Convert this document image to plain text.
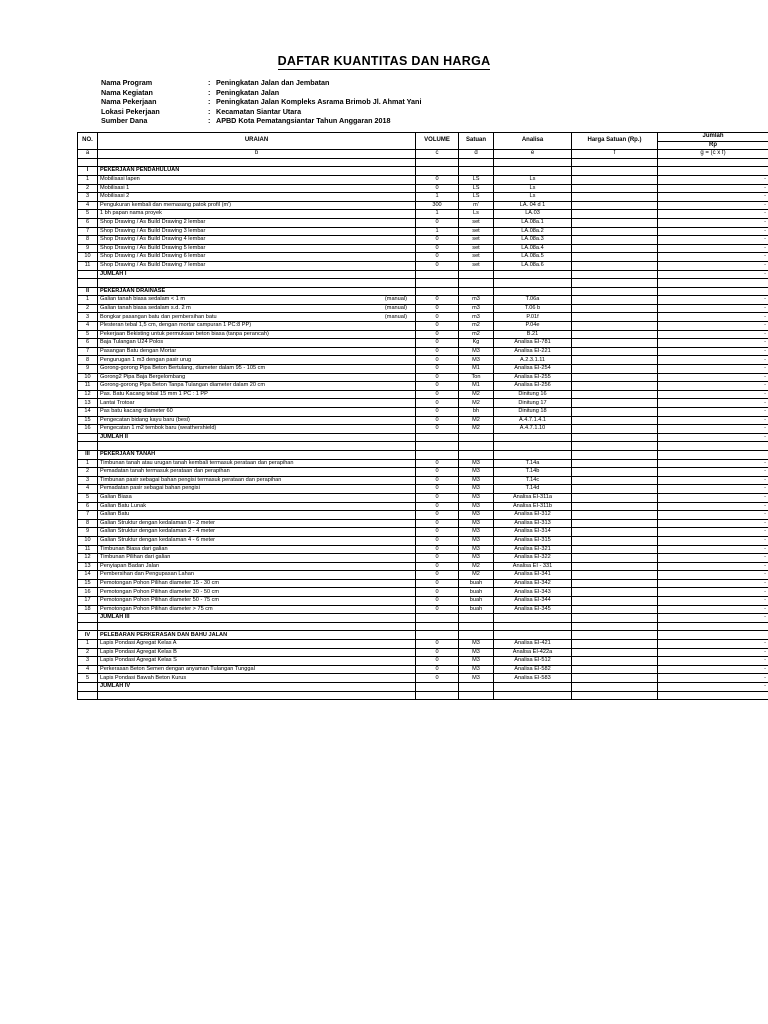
DAFTAR KUANTITAS DAN HARGA
Nama Program	: Peningkatan Jalan dan Jembatan
Nama Kegiatan	: Peningkatan Jalan
Nama Pekerjaan	: Peningkatan Jalan Kompleks Asrama Brimob Jl. Ahmat Yani
Lokasi Pekerjaan	: Kecamatan Siantar Utara
Sumber Dana	: APBD Kota Pematangsiantar Tahun Anggaran 2018
NO.	URAIAN	VOLUME	Satuan	Analisa	Harga Satuan (Rp.)	Jumlah
						Rp
a	b	c	d	e	f	g = (c x f)

I	PEKERJAAN PENDAHULUAN					
1	Mobilisasi lapen	0	LS	Ls		-
2	Mobilisasi 1	0	LS	Ls		-
3	Mobilisasi 2	1	LS	Ls		-
4	Pengukuran kembali dan memasang patok profil (m')	300	m'	LA. 04 d 1		-
5	1 bh papan nama proyek	1	Ls	LA.03		-
6	Shop Drawing / As Build Drawing 2 lembar	0	set	LA.08a.1		-
7	Shop Drawing / As Build Drawing 3 lembar	1	set	LA.08a.2		-
8	Shop Drawing / As Build Drawing 4 lembar	0	set	LA.08a.3		-
9	Shop Drawing / As Build Drawing 5 lembar	0	set	LA.08a.4		-
10	Shop Drawing / As Build Drawing 6 lembar	0	set	LA.08a.5		-
11	Shop Drawing / As Build Drawing 7 lembar	0	set	LA.08a.6		-
	JUMLAH I					-

II	PEKERJAAN DRAINASE					
1	Galian tanah biasa sedalam < 1 m (manual)	0	m3	T.06a		-
2	Galian tanah biasa sedalam s.d. 2 m (manual)	0	m3	T.06 b		-
3	Bongkar pasangan batu dan pembersihan batu (manual)	0	m3	P.01f		-
4	Plesteran tebal 1,5 cm, dengan mortar campuran 1 PC:8 PP)	0	m2	P.04e		-
5	Pekerjaan Bekisting untuk permukaan beton biasa (tanpa perancah)	0	m2	B.21		-
6	Baja Tulangan U24 Polos	0	Kg	Analisa EI-781		-
7	Pasangan Batu dengan Mortar	0	M3	Analisa EI-221		-
8	Pengurugan 1 m3 dengan pasir urug	0	M3	A.2.3.1.11		-
9	Gorong-gorong Pipa Beton Bertulang, diameter dalam 95 - 105 cm	0	M1	Analisa EI-254		-
10	Gorong2 Pipa Baja Bergelombang	0	Ton	Analisa EI-255		-
11	Gorong-gorong Pipa Beton Tanpa Tulangan diameter dalam 20 cm	0	M1	Analisa EI-256		-
12	Pas. Batu Kacang tebal 15 mm 1 PC : 1 PP	0	M2	Dinitung 16		-
13	Lantai Trotoar	0	M2	Dinitung 17		-
14	Pas batu kacang diameter 60	0	bh	Dinitung 18		-
15	Pengecatan bidang kayu baru (besi)	0	M2	A.4.7.1.4.1		-
16	Pengecatan 1 m2 tembok baru (weathershield)	0	M2	A.4.7.1.10		-
	JUMLAH II					-

III	PEKERJAAN TANAH					
1	Timbunan tanah atau urugan tanah kembali termasuk perataan dan perapihan	0	M3	T.14a		-
2	Pemadatan tanah termasuk perataan dan perapihan	0	M3	T.14b		-
3	Timbunan pasir sebagai bahan pengisi termasuk perataan dan perapihan	0	M3	T.14c		-
4	Pemadatan pasir sebagai bahan pengisi	0	M3	T.14d		-
5	Galian Biasa	0	M3	Analisa EI-311a		-
6	Galian Batu Lunak	0	M3	Analisa EI-311b		-
7	Galian Batu	0	M3	Analisa EI-312		-
8	Galian Struktur dengan kedalaman 0 - 2 meter	0	M3	Analisa EI-313		-
9	Galian Struktur dengan kedalaman 2 - 4 meter	0	M3	Analisa EI-314		-
10	Galian Struktur dengan kedalaman 4 - 6 meter	0	M3	Analisa EI-315		-
11	Timbunan Biasa dari galian	0	M3	Analisa EI-321		-
12	Timbunan Pilihan dari galian	0	M3	Analisa EI-322		-
13	Penyiapan Badan Jalan	0	M2	Analisa EI - 331		-
14	Pembersihan dan Pengupasan Lahan	0	M2	Analisa EI-341		-
15	Pemotongan Pohon Pilihan diameter 15 - 30 cm	0	buah	Analisa EI-342		-
16	Pemotongan Pohon Pilihan diameter 30 - 50 cm	0	buah	Analisa EI-343		-
17	Pemotongan Pohon Pilihan diameter 50 - 75 cm	0	buah	Analisa EI-344		-
18	Pemotongan Pohon Pilihan diameter > 75 cm	0	buah	Analisa EI-345		-
	JUMLAH III					-

IV	PELEBARAN PERKERASAN DAN BAHU JALAN					
1	Lapis Pondasi Agregat Kelas A	0	M3	Analisa EI-421		-
2	Lapis Pondasi Agregat Kelas B	0	M3	Analisa EI-422a		-
3	Lapis Pondasi Agregat Kelas S	0	M3	Analisa EI-512		-
4	Perkerasan Beton Semen dengan anyaman Tulangan Tunggal	0	M3	Analisa EI-582		-
5	Lapis Pondasi Bawah Beton Kurus	0	M3	Analisa EI-583		-
	JUMLAH IV					-
